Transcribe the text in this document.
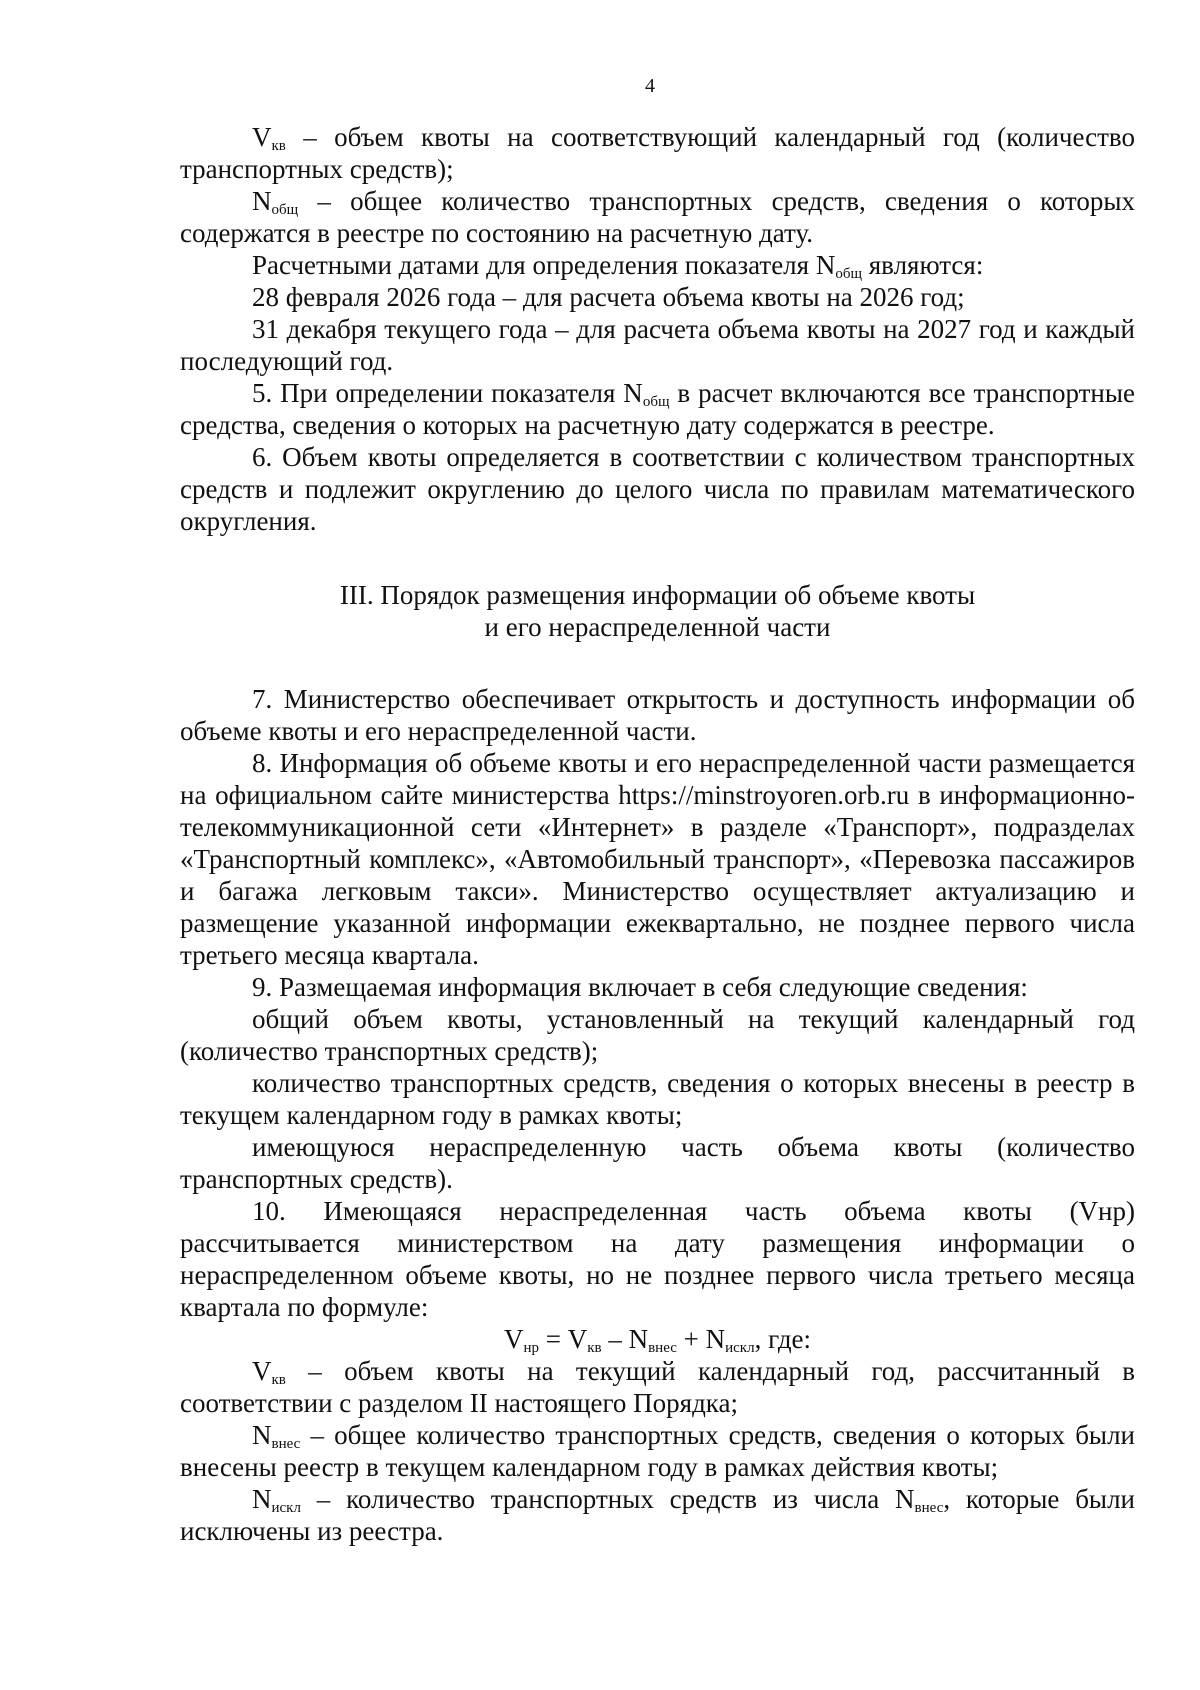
4

$V_{кв}$ – объем квоты на соответствующий календарный год (количество транспортных средств);

$N_{общ}$ – общее количество транспортных средств, сведения о которых содержатся в реестре по состоянию на расчетную дату.

Расчетными датами для определения показателя $N_{общ}$ являются:

28 февраля 2026 года – для расчета объема квоты на 2026 год;

31 декабря текущего года – для расчета объема квоты на 2027 год и каждый последующий год.

5. При определении показателя $N_{общ}$ в расчет включаются все транспортные средства, сведения о которых на расчетную дату содержатся в реестре.

6. Объем квоты определяется в соответствии с количеством транспортных средств и подлежит округлению до целого числа по правилам математического округления.

III. Порядок размещения информации об объеме квоты
и его нераспределенной части

7. Министерство обеспечивает открытость и доступность информации об объеме квоты и его нераспределенной части.

8. Информация об объеме квоты и его нераспределенной части размещается на официальном сайте министерства https://minstroyoren.orb.ru в информационно-телекоммуникационной сети «Интернет» в разделе «Транспорт», подразделах «Транспортный комплекс», «Автомобильный транспорт», «Перевозка пассажиров и багажа легковым такси». Министерство осуществляет актуализацию и размещение указанной информации ежеквартально, не позднее первого числа третьего месяца квартала.

9. Размещаемая информация включает в себя следующие сведения:

общий объем квоты, установленный на текущий календарный год (количество транспортных средств);

количество транспортных средств, сведения о которых внесены в реестр в текущем календарном году в рамках квоты;

имеющуюся нераспределенную часть объема квоты (количество транспортных средств).

10. Имеющаяся нераспределенная часть объема квоты (Vнр) рассчитывается министерством на дату размещения информации о нераспределенном объеме квоты, но не позднее первого числа третьего месяца квартала по формуле:

$V_{нр} = V_{кв} - N_{внес} + N_{искл}$, где:

$V_{кв}$ – объем квоты на текущий календарный год, рассчитанный в соответствии с разделом II настоящего Порядка;

$N_{внес}$ – общее количество транспортных средств, сведения о которых были внесены реестр в текущем календарном году в рамках действия квоты;

$N_{искл}$ – количество транспортных средств из числа $N_{внес}$, которые были исключены из реестра.
